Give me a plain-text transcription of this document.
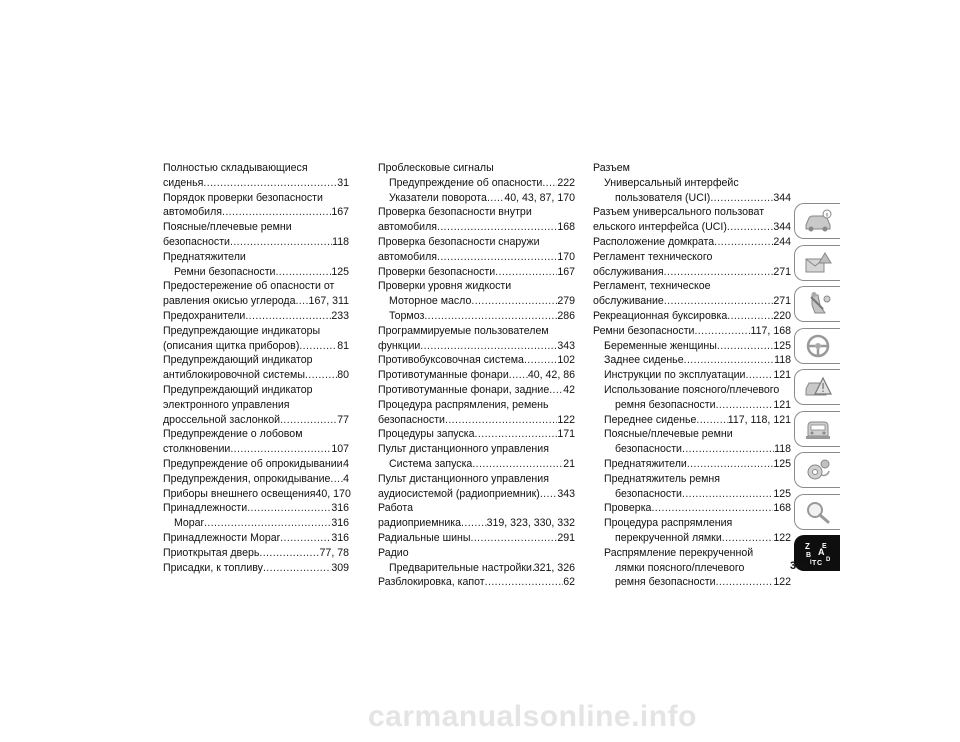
Полностью складывающиеся
сиденья .....	31
Порядок проверки безопасности
автомобиля .....	167
Поясные/плечевые ремни
безопасности .....	118
Преднатяжители
Ремни безопасности .....	125
Предостережение об опасности от
равления окисью углерода ..... 167, 311
Предохранители .....	233
Предупреждающие индикаторы
(описания щитка приборов) .....	81
Предупреждающий индикатор
антиблокировочной системы .....	80
Предупреждающий индикатор
электронного управления
дроссельной заслонкой .....	77
Предупреждение о лобовом
столкновении .....	107
Предупреждение об опрокидывании ..... 4
Предупреждения, опрокидывание ..... 4
Приборы внешнего освещения 40, 170
Принадлежности .....	316
Mopar .....	316
Принадлежности Mopar .....	316
Приоткрытая дверь .....	77, 78
Присадки, к топливу .....	309
Проблесковые сигналы
Предупреждение об опасности ..... 222
Указатели поворота ..... 40, 43, 87, 170
Проверка безопасности внутри
автомобиля .....	168
Проверка безопасности снаружи
автомобиля .....	170
Проверки безопасности .....	167
Проверки уровня жидкости
Моторное масло .....	279
Тормоз .....	286
Программируемые пользователем
функции .....	343
Противобуксовочная система .....	102
Противотуманные фонари ..... 40, 42, 86
Противотуманные фонари, задние ..... 42
Процедура распрямления, ремень
безопасности .....	122
Процедуры запуска .....	171
Пульт дистанционного управления
Система запуска .....	21
Пульт дистанционного управления
аудиосистемой (радиоприемник) ..... 343
Работа
радиоприемника ..... 319, 323, 330, 332
Радиальные шины .....	291
Радио
Предварительные настройки ..... 321, 326
Разблокировка, капот .....	62
Разъем
Универсальный интерфейс
пользователя (UCI) .....	344
Разъем универсального пользоват
ельского интерфейса (UCI) .....	344
Расположение домкрата .....	244
Регламент технического
обслуживания .....	271
Регламент, техническое
обслуживание .....	271
Рекреационная буксировка .....	220
Ремни безопасности .....	117, 168
Беременные женщины .....	125
Заднее сиденье .....	118
Инструкции по эксплуатации .....	121
Использование поясного/плечевого
ремня безопасности .....	121
Переднее сиденье .....	117, 118, 121
Поясные/плечевые ремни
безопасности .....	118
Преднатяжители .....	125
Преднатяжитель ремня
безопасности .....	125
Проверка .....	168
Процедура распрямления
перекрученной лямки .....	122
Распрямление перекрученной
лямки поясного/плечевого
ремня безопасности .....	122
Z E
B A
C D
I T
389
carmanualsonline.info
